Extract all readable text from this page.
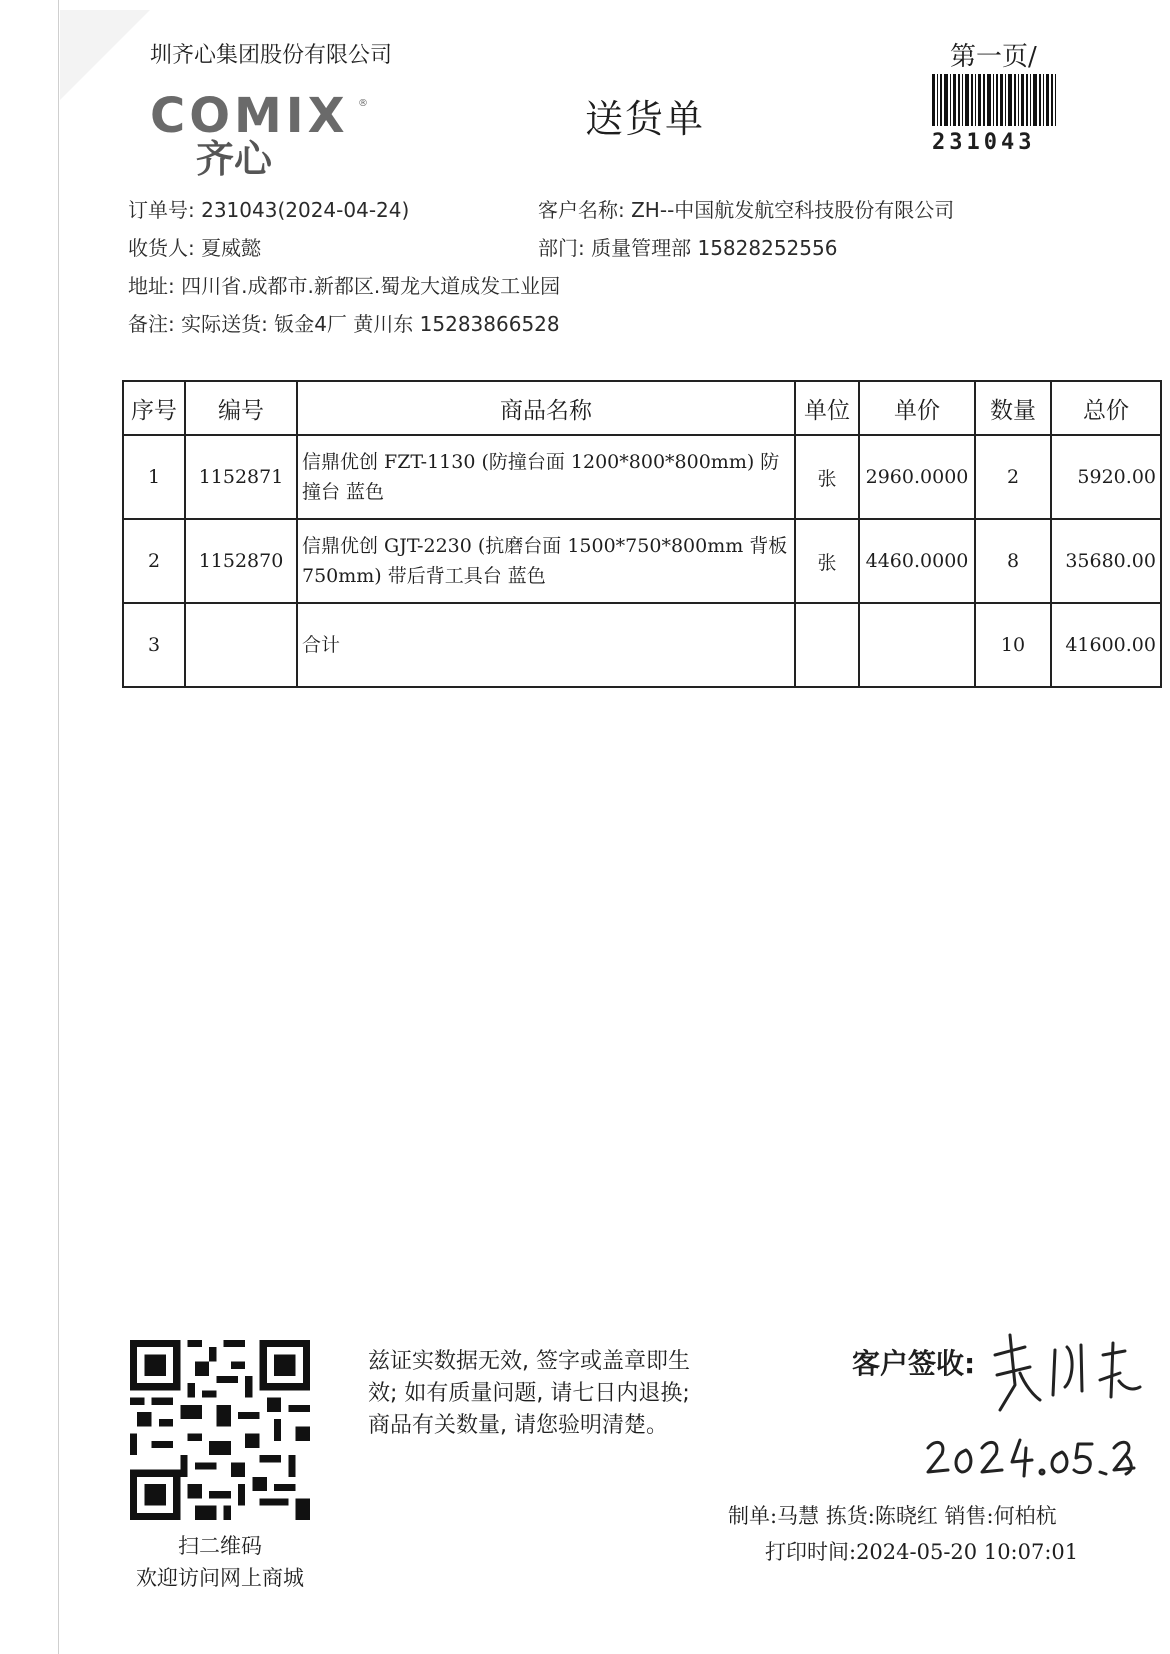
圳齐心集团股份有限公司
COMIX ®
齐心
送货单
第一页/
231043
订单号: 231043(2024-04-24)	客户名称: ZH--中国航发航空科技股份有限公司
收货人: 夏威懿	部门: 质量管理部 15828252556
地址: 四川省.成都市.新都区.蜀龙大道成发工业园
备注: 实际送货: 钣金4厂 黄川东 15283866528
序号	编号	商品名称	单位	单价	数量	总价
1	1152871	信鼎优创 FZT-1130 (防撞台面 1200*800*800mm) 防撞台 蓝色	张	2960.0000	2	5920.00
2	1152870	信鼎优创 GJT-2230 (抗磨台面 1500*750*800mm 背板750mm) 带后背工具台 蓝色	张	4460.0000	8	35680.00
3		合计			10	41600.00
扫二维码
欢迎访问网上商城
兹证实数据无效, 签字或盖章即生
效; 如有质量问题, 请七日内退换;
商品有关数量, 请您验明清楚。
客户签收:
制单:马慧 拣货:陈晓红 销售:何柏杭
打印时间:2024-05-20 10:07:01
